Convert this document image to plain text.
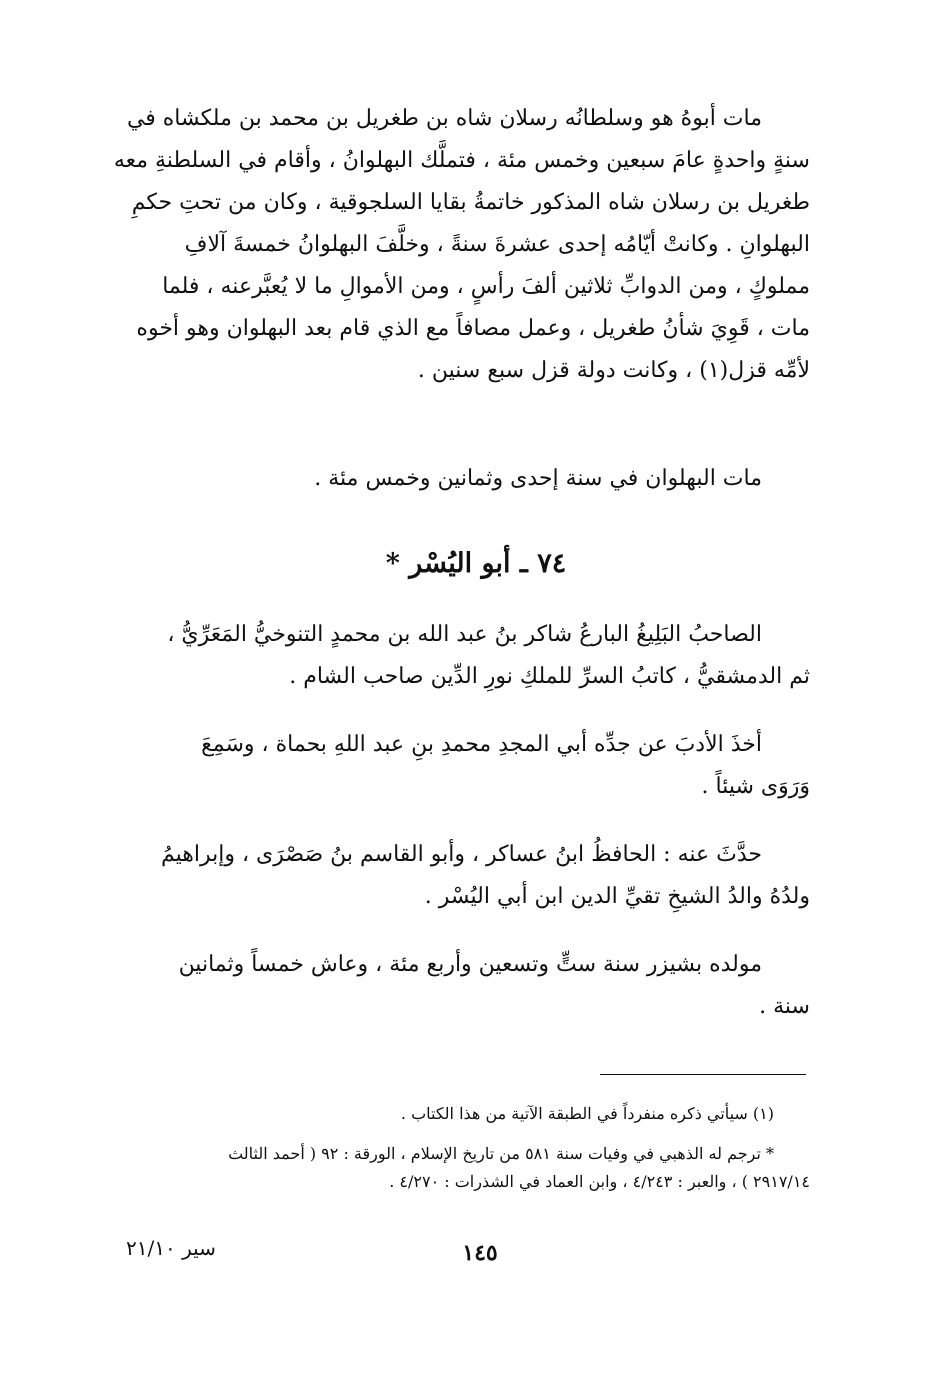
مات أبوهُ هو وسلطانُه رسلان شاه بن طغريل بن محمد بن ملكشاه في
سنةٍ واحدةٍ عامَ سبعين وخمس مئة ، فتملَّك البهلوانُ ، وأقام في السلطنةِ معه
طغريل بن رسلان شاه المذكور خاتمةُ بقايا السلجوقية ، وكان من تحتِ حكمِ
البهلوانِ . وكانتْ أيّامُه إحدى عشرةَ سنةً ، وخلَّفَ البهلوانُ خمسةَ آلافِ
مملوكٍ ، ومن الدوابِّ ثلاثين ألفَ رأسٍ ، ومن الأموالِ ما لا يُعبَّرعنه ، فلما
مات ، قَوِيَ شأنُ طغريل ، وعمل مصافاً مع الذي قام بعد البهلوان وهو أخوه
لأمِّه قزل(١) ، وكانت دولة قزل سبع سنين .
مات البهلوان في سنة إحدى وثمانين وخمس مئة .
٧٤ ـ أبو اليُسْر *
الصاحبُ البَلِيغُ البارعُ شاكر بنُ عبد الله بن محمدٍ التنوخيُّ المَعَرِّيُّ ،
ثم الدمشقيُّ ، كاتبُ السرِّ للملكِ نورِ الدِّين صاحب الشام .
أخذَ الأدبَ عن جدِّه أبي المجدِ محمدِ بنِ عبد اللهِ بحماة ، وسَمِعَ
وَرَوَى شيئاً .
حدَّثَ عنه : الحافظُ ابنُ عساكر ، وأبو القاسم بنُ صَصْرَى ، وإبراهيمُ
ولدُهُ والدُ الشيخِ تقيِّ الدين ابن أبي اليُسْر .
مولده بشيزر سنة ستٍّ وتسعين وأربع مئة ، وعاش خمساً وثمانين
سنة .

(١) سيأتي ذكره منفرداً في الطبقة الآتية من هذا الكتاب .

* ترجم له الذهبي في وفيات سنة ٥٨١ من تاريخ الإسلام ، الورقة : ٩٢ ( أحمد الثالث

٢٩١٧/١٤ ) ، والعبر : ٤/٢٤٣ ، وابن العماد في الشذرات : ٤/٢٧٠ .

١٤٥
سير ٢١/١٠
